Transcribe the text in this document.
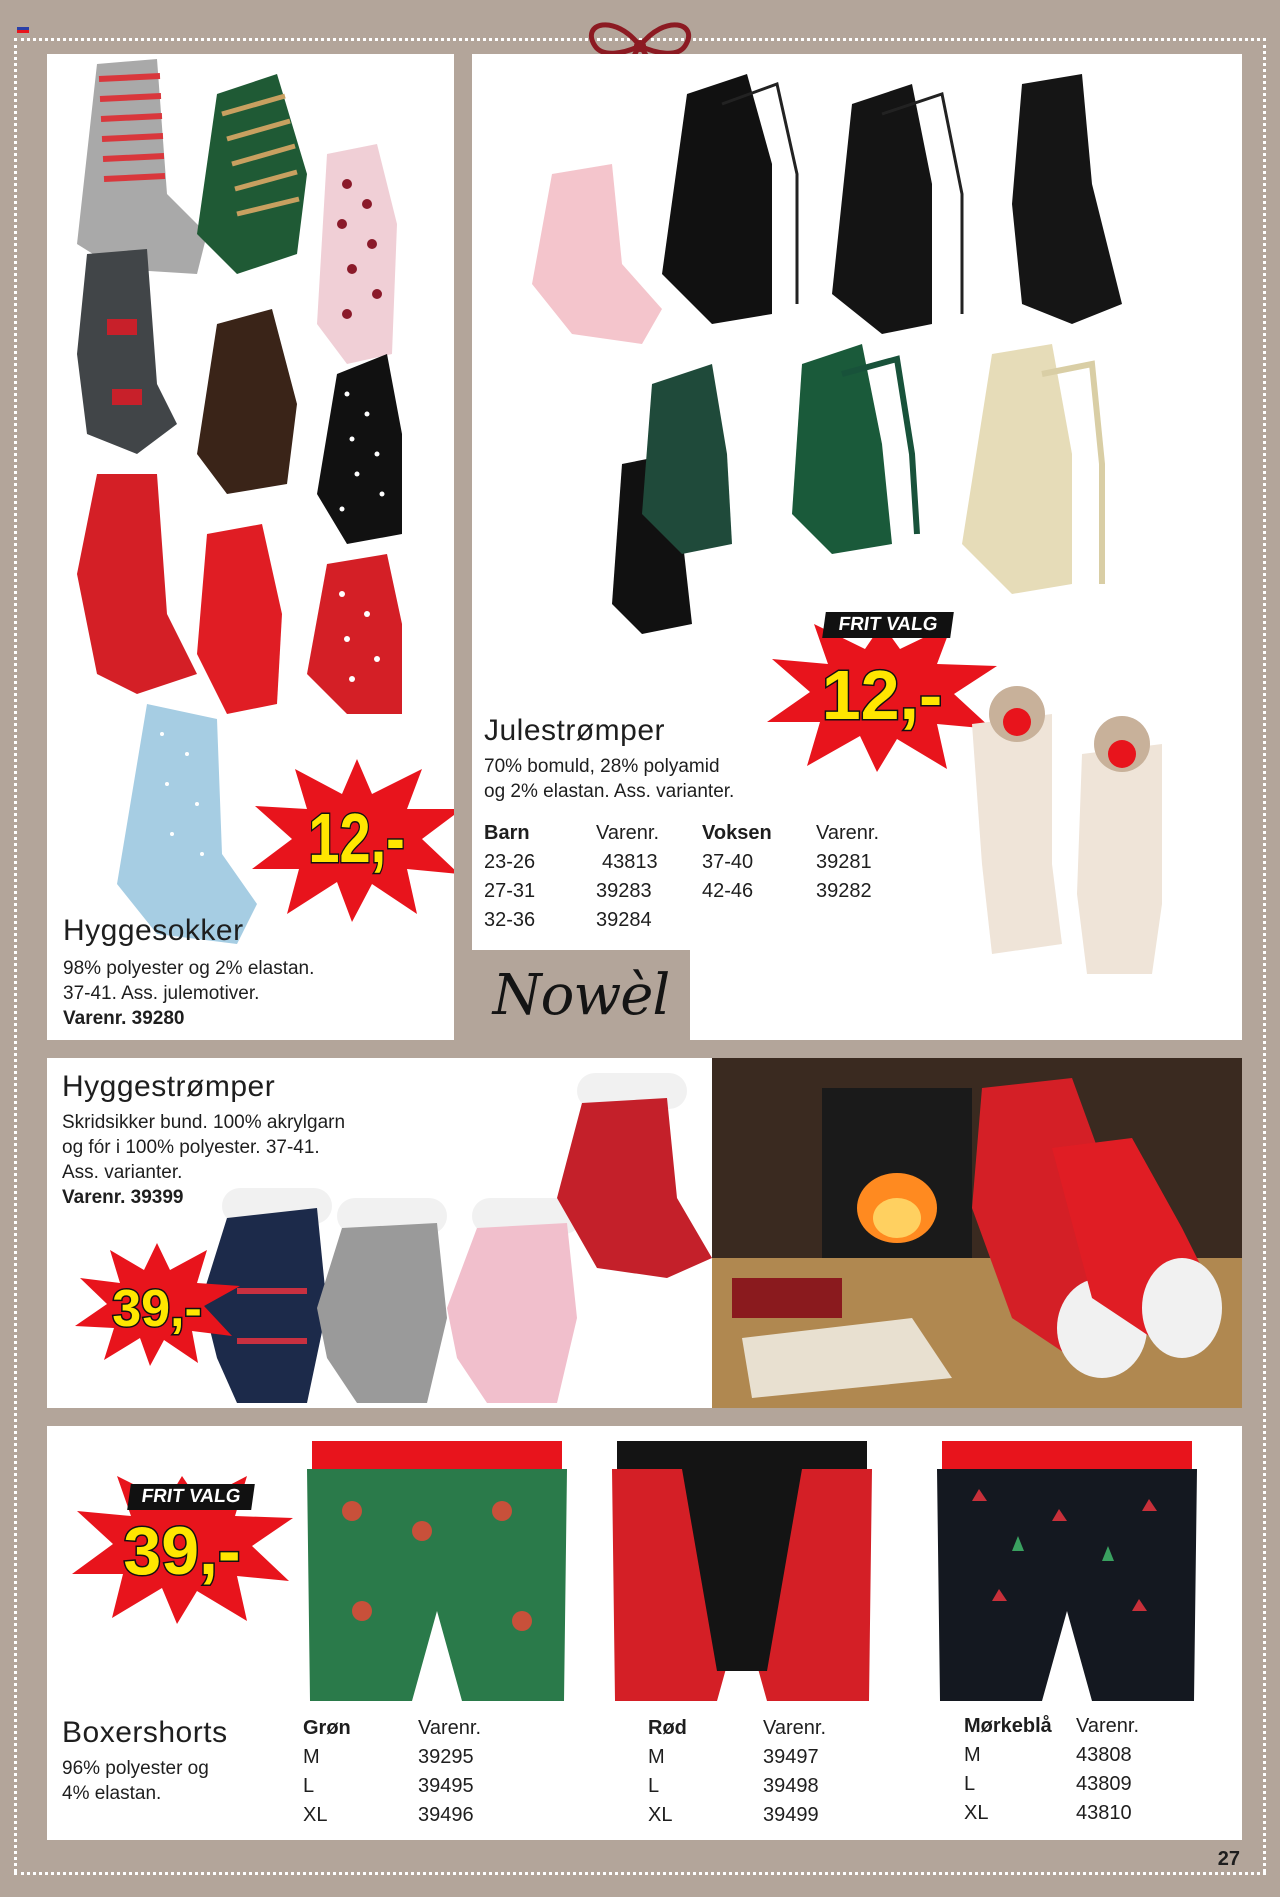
12,-
Hyggesokker
98% polyester og 2% elastan.
37-41. Ass. julemotiver.
Varenr. 39280
12,-
FRIT VALG
Julestrømper
70% bomuld, 28% polyamid
og 2% elastan. Ass. varianter.
Barn
23-26
27-31
32-36
Varenr.
43813
39283
39284
Voksen
37-40
42-46
Varenr.
39281
39282
Nowèl
Hyggestrømper
Skridsikker bund. 100% akrylgarn
og fór i 100% polyester. 37-41.
Ass. varianter.
Varenr. 39399
39,-
39,-
FRIT VALG
Boxershorts
96% polyester og
4% elastan.
Grøn
M
L
XL
Varenr.
39295
39495
39496
Rød
M
L
XL
Varenr.
39497
39498
39499
Mørkeblå
M
L
XL
Varenr.
43808
43809
43810
27
